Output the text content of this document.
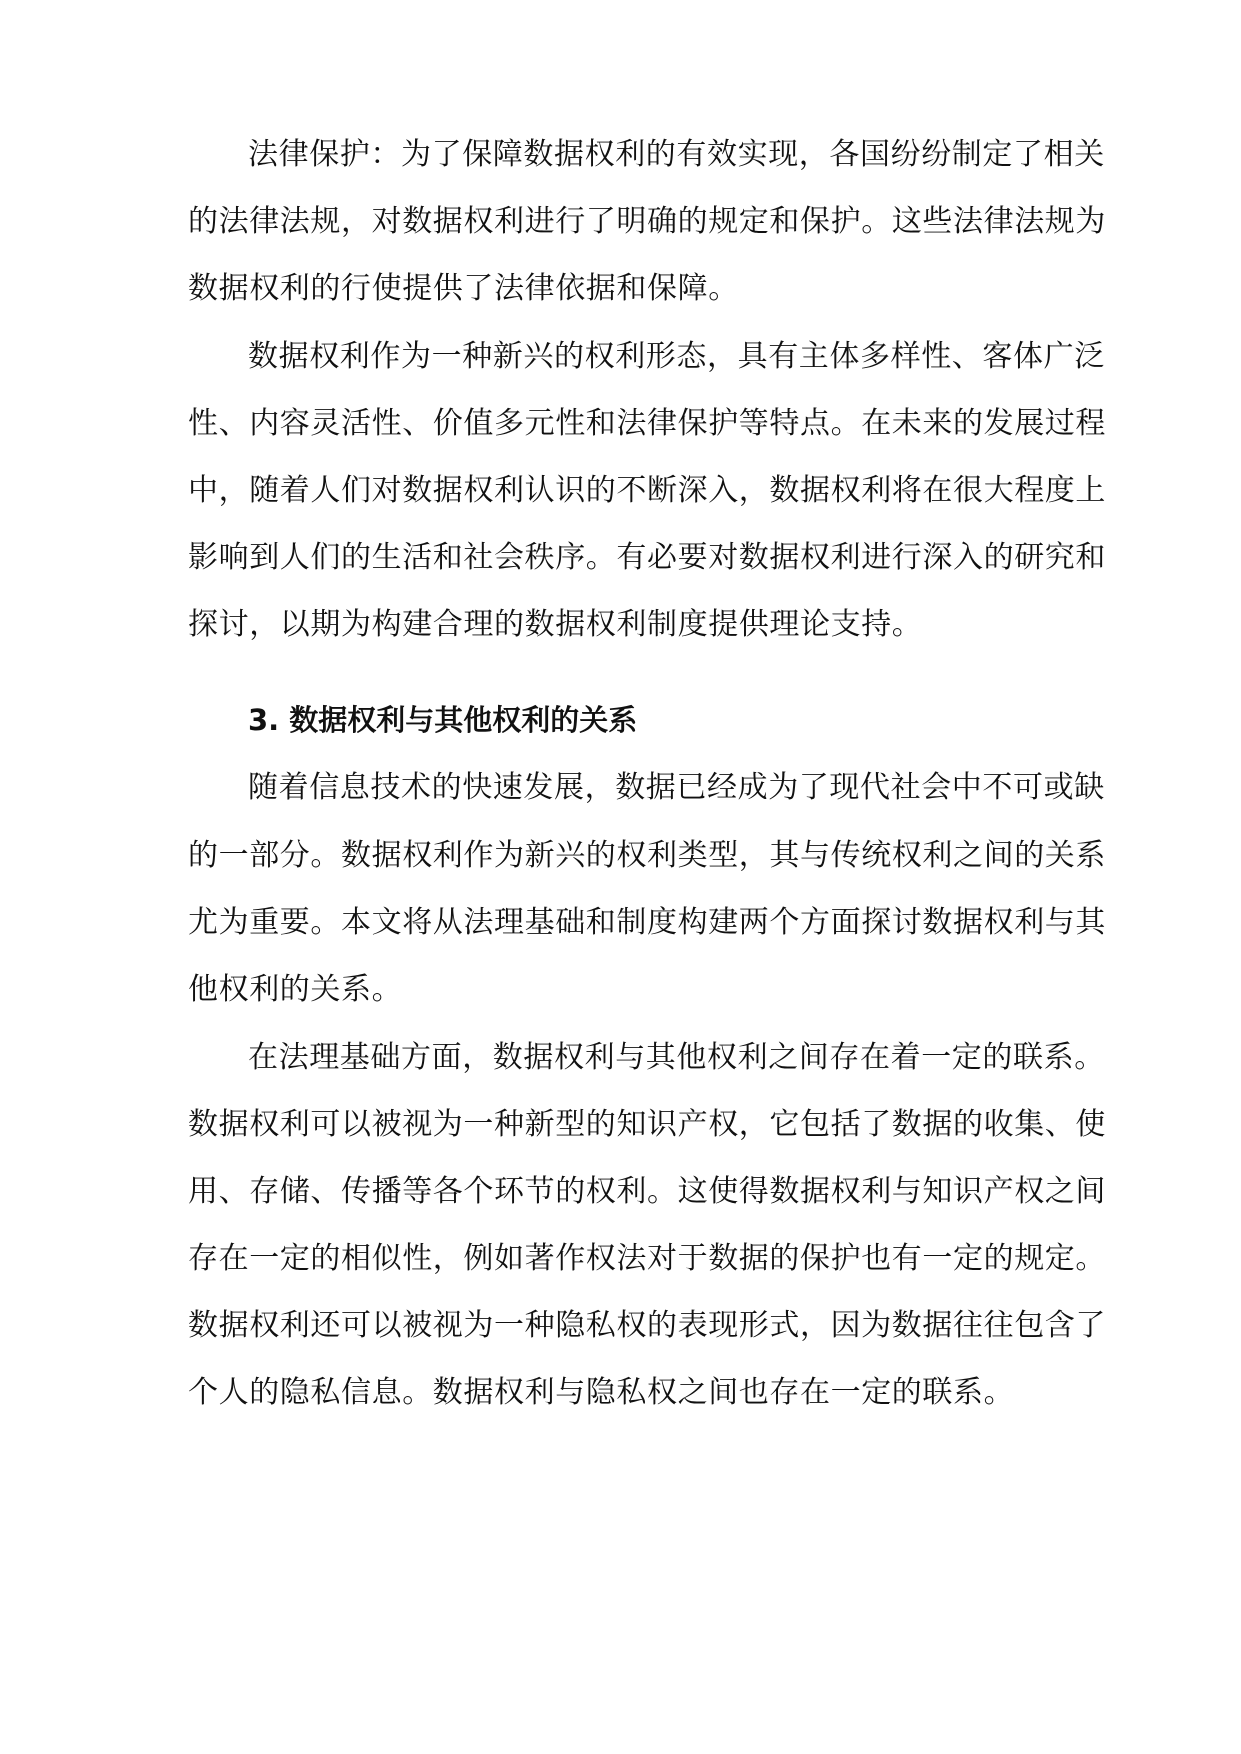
法律保护：为了保障数据权利的有效实现，各国纷纷制定了相关
的法律法规，对数据权利进行了明确的规定和保护。这些法律法规为
数据权利的行使提供了法律依据和保障。
数据权利作为一种新兴的权利形态，具有主体多样性、客体广泛
性、内容灵活性、价值多元性和法律保护等特点。在未来的发展过程
中，随着人们对数据权利认识的不断深入，数据权利将在很大程度上
影响到人们的生活和社会秩序。有必要对数据权利进行深入的研究和
探讨，以期为构建合理的数据权利制度提供理论支持。
3. 数据权利与其他权利的关系
随着信息技术的快速发展，数据已经成为了现代社会中不可或缺
的一部分。数据权利作为新兴的权利类型，其与传统权利之间的关系
尤为重要。本文将从法理基础和制度构建两个方面探讨数据权利与其
他权利的关系。
在法理基础方面，数据权利与其他权利之间存在着一定的联系。
数据权利可以被视为一种新型的知识产权，它包括了数据的收集、使
用、存储、传播等各个环节的权利。这使得数据权利与知识产权之间
存在一定的相似性，例如著作权法对于数据的保护也有一定的规定。
数据权利还可以被视为一种隐私权的表现形式，因为数据往往包含了
个人的隐私信息。数据权利与隐私权之间也存在一定的联系。
